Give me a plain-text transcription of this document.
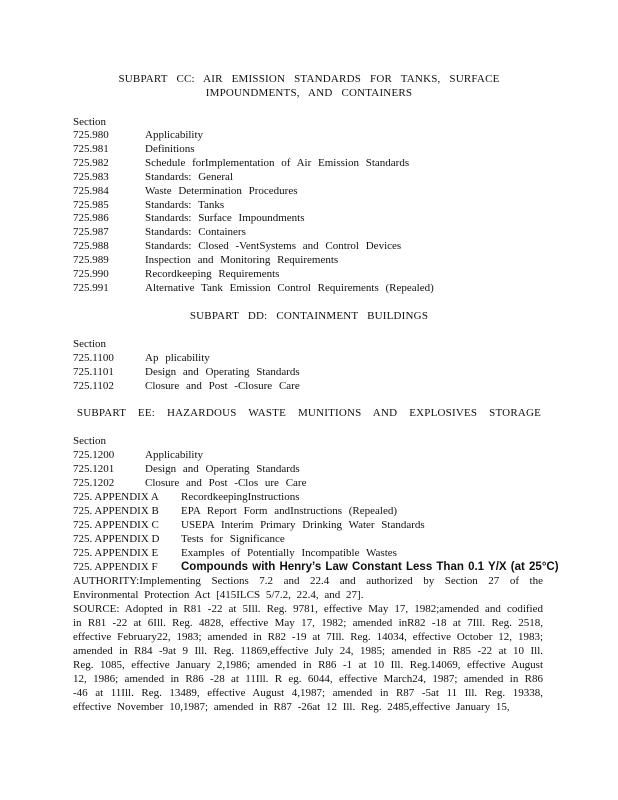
SUBPART CC: AIR EMISSION STANDARDS FOR TANKS, SURFACE
IMPOUNDMENTS, AND CONTAINERS
Section
725.980	Applicability
725.981	Definitions
725.982	Schedule forImplementation of Air Emission Standards
725.983	Standards: General
725.984	Waste Determination Procedures
725.985	Standards: Tanks
725.986	Standards: Surface Impoundments
725.987	Standards: Containers
725.988	Standards: Closed -VentSystems and Control Devices
725.989	Inspection and Monitoring Requirements
725.990	Recordkeeping Requirements
725.991	Alternative Tank Emission Control Requirements (Repealed)
SUBPART DD: CONTAINMENT BUILDINGS
Section
725.1100	Ap plicability
725.1101	Design and Operating Standards
725.1102	Closure and Post -Closure Care
SUBPART EE: HAZARDOUS WASTE MUNITIONS AND EXPLOSIVES STORAGE
Section
725.1200	Applicability
725.1201	Design and Operating Standards
725.1202	Closure and Post -Clos ure Care
725. APPENDIX A RecordkeepingInstructions
725. APPENDIX B EPA Report Form andInstructions (Repealed)
725. APPENDIX C USEPA Interim Primary Drinking Water Standards
725. APPENDIX D Tests for Significance
725. APPENDIX E Examples of Potentially Incompatible Wastes
725. APPENDIX F Compounds with Henry’s Law Constant Less Than 0.1 Y/X (at 25°C)
AUTHORITY:Implementing Sections 7.2 and 22.4 and authorized by Section 27 of the Environmental Protection Act [415ILCS 5/7.2, 22.4, and 27].
SOURCE: Adopted in R81 -22 at 5Ill. Reg. 9781, effective May 17, 1982;amended and codified in R81 -22 at 6Ill. Reg. 4828, effective May 17, 1982; amended inR82 -18 at 7Ill. Reg. 2518, effective February22, 1983; amended in R82 -19 at 7Ill. Reg. 14034, effective October 12, 1983; amended in R84 -9at 9 Ill. Reg. 11869,effective July 24, 1985; amended in R85 -22 at 10 Ill. Reg. 1085, effective January 2,1986; amended in R86 -1 at 10 Ill. Reg.14069, effective August 12, 1986; amended in R86 -28 at 11Ill. R eg. 6044, effective March24, 1987; amended in R86 -46 at 11Ill. Reg. 13489, effective August 4,1987; amended in R87 -5at 11 Ill. Reg. 19338, effective November 10,1987; amended in R87 -26at 12 Ill. Reg. 2485,effective January 15,
